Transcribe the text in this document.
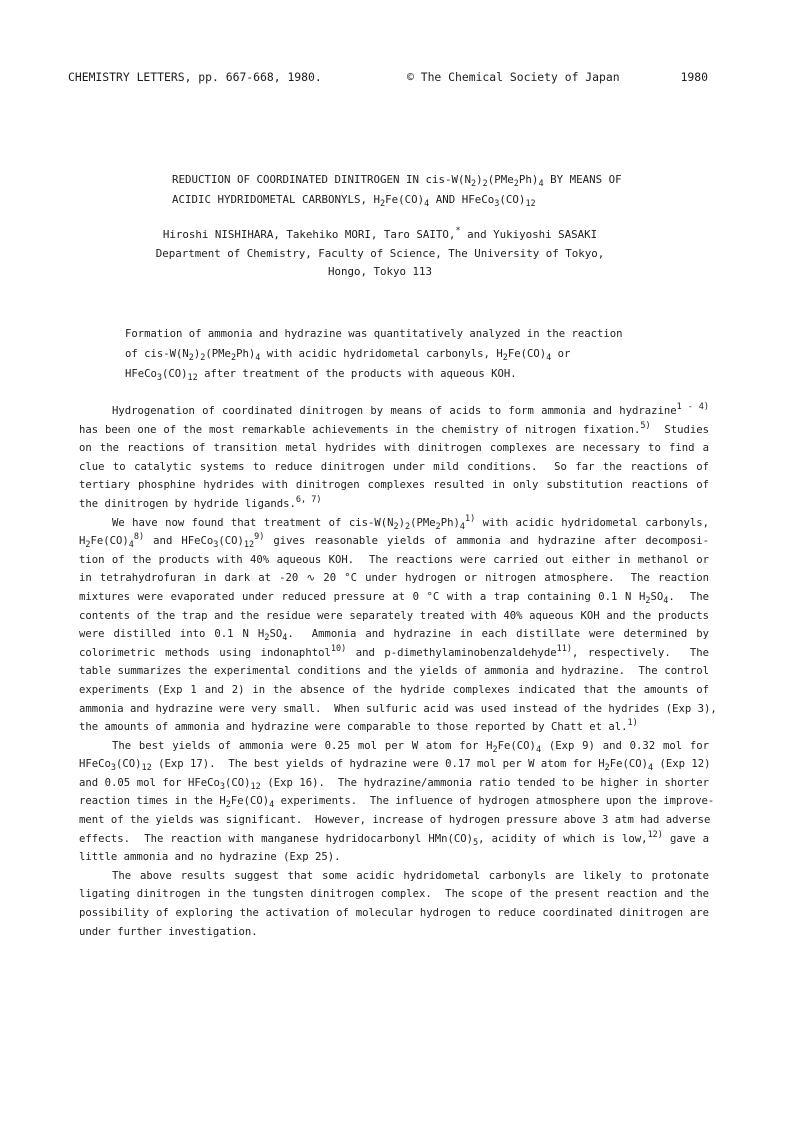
CHEMISTRY LETTERS, pp. 667-668, 1980.

	© The Chemical Society of Japan

	1980

REDUCTION OF COORDINATED DINITROGEN IN cis-$W(N_2)_2(PMe_2Ph)_4$ BY MEANS OF

ACIDIC HYDRIDOMETAL CARBONYLS, $H_2Fe(CO)_4$ AND $HFeCo_3(CO)_{12}$

Hiroshi NISHIHARA, Takehiko MORI, Taro SAITO,* and Yukiyoshi SASAKI

Department of Chemistry, Faculty of Science, The University of Tokyo,

Hongo, Tokyo 113

Formation of ammonia and hydrazine was quantitatively analyzed in the reaction

of cis-$W(N_2)_2(PMe_2Ph)_4$ with acidic hydridometal carbonyls, $H_2Fe(CO)_4$ or

$HFeCo_3(CO)_{12}$ after treatment of the products with aqueous KOH.

Hydrogenation of coordinated dinitrogen by means of acids to form ammonia and hydrazine$^{1 - 4)}$

has been one of the most remarkable achievements in the chemistry of nitrogen fixation.$^{5)}$  Studies

on the reactions of transition metal hydrides with dinitrogen complexes are necessary to find a

clue to catalytic systems to reduce dinitrogen under mild conditions.  So far the reactions of

tertiary phosphine hydrides with dinitrogen complexes resulted in only substitution reactions of

the dinitrogen by hydride ligands.$^{6, 7)}$

We have now found that treatment of cis-$W(N_2)_2(PMe_2Ph)_4^{1)}$ with acidic hydridometal carbonyls,

$H_2Fe(CO)_4^{8)}$ and $HFeCo_3(CO)_{12}^{9)}$ gives reasonable yields of ammonia and hydrazine after decomposi-

tion of the products with 40% aqueous KOH.  The reactions were carried out either in methanol or

in tetrahydrofuran in dark at -20 ∿ 20 °C under hydrogen or nitrogen atmosphere.  The reaction

mixtures were evaporated under reduced pressure at 0 °C with a trap containing 0.1 N $H_2SO_4$.  The

contents of the trap and the residue were separately treated with 40% aqueous KOH and the products

were distilled into 0.1 N $H_2SO_4$.  Ammonia and hydrazine in each distillate were determined by

colorimetric methods using indonaphtol$^{10)}$ and p-dimethylaminobenzaldehyde$^{11)}$, respectively.  The

table summarizes the experimental conditions and the yields of ammonia and hydrazine.  The control

experiments (Exp 1 and 2) in the absence of the hydride complexes indicated that the amounts of

ammonia and hydrazine were very small.  When sulfuric acid was used instead of the hydrides (Exp 3),

the amounts of ammonia and hydrazine were comparable to those reported by Chatt et al.$^{1)}$

The best yields of ammonia were 0.25 mol per W atom for $H_2Fe(CO)_4$ (Exp 9) and 0.32 mol for

$HFeCo_3(CO)_{12}$ (Exp 17).  The best yields of hydrazine were 0.17 mol per W atom for $H_2Fe(CO)_4$ (Exp 12)

and 0.05 mol for $HFeCo_3(CO)_{12}$ (Exp 16).  The hydrazine/ammonia ratio tended to be higher in shorter

reaction times in the $H_2Fe(CO)_4$ experiments.  The influence of hydrogen atmosphere upon the improve-

ment of the yields was significant.  However, increase of hydrogen pressure above 3 atm had adverse

effects.  The reaction with manganese hydridocarbonyl $HMn(CO)_5$, acidity of which is low,$^{12)}$ gave a

little ammonia and no hydrazine (Exp 25).

The above results suggest that some acidic hydridometal carbonyls are likely to protonate

ligating dinitrogen in the tungsten dinitrogen complex.  The scope of the present reaction and the

possibility of exploring the activation of molecular hydrogen to reduce coordinated dinitrogen are

under further investigation.
